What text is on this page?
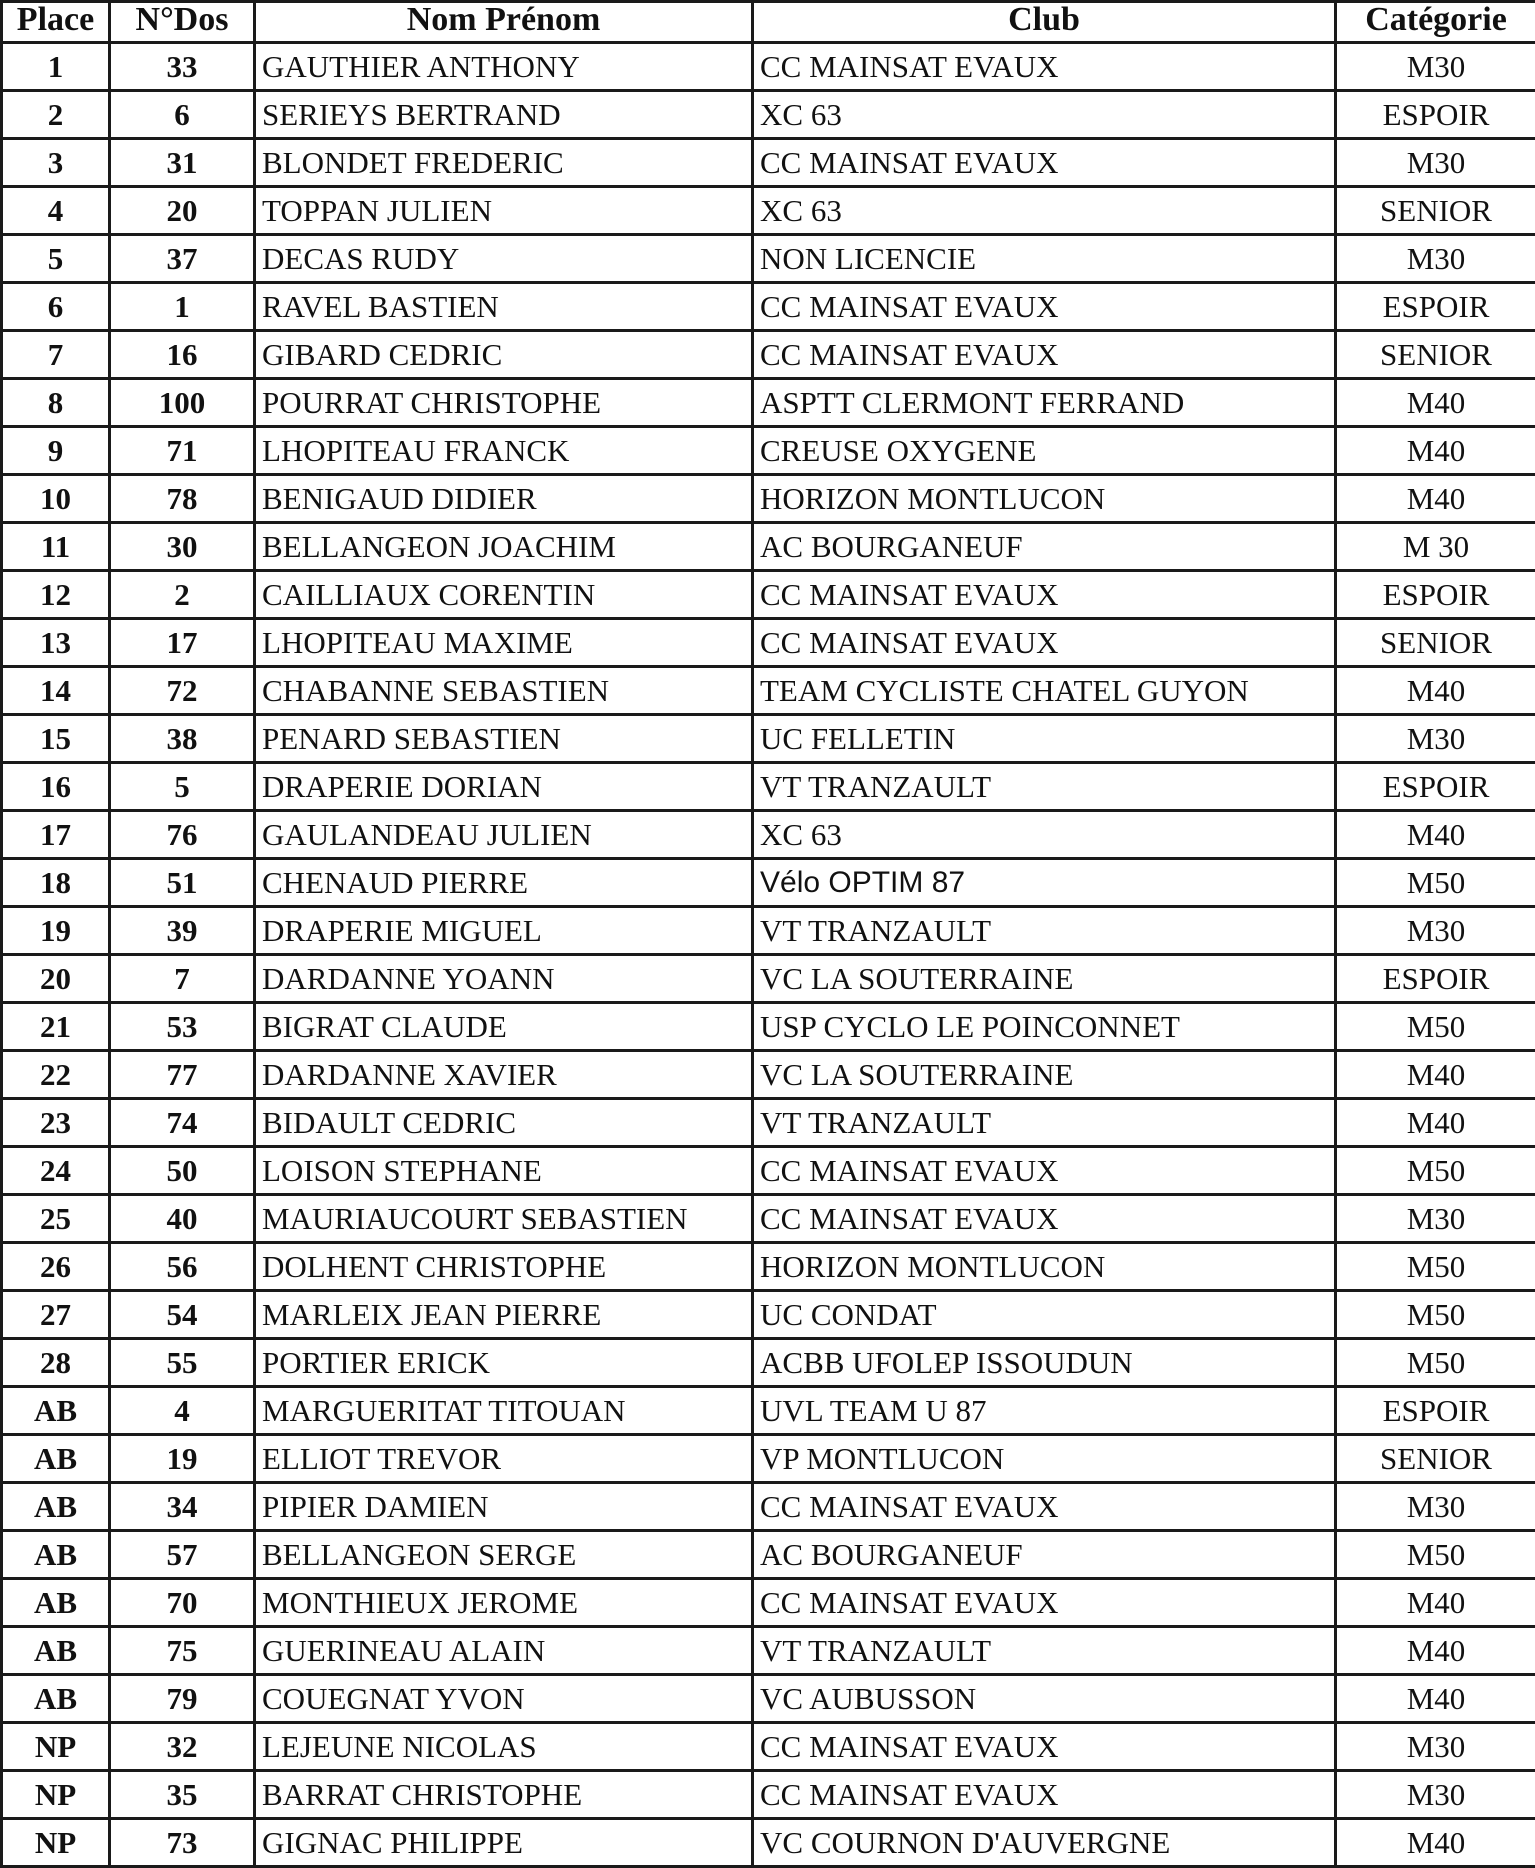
Place	N°Dos	Nom Prénom	Club	Catégorie
1	33	GAUTHIER ANTHONY	CC MAINSAT EVAUX	M30
2	6	SERIEYS BERTRAND	XC 63	ESPOIR
3	31	BLONDET FREDERIC	CC MAINSAT EVAUX	M30
4	20	TOPPAN JULIEN	XC 63	SENIOR
5	37	DECAS RUDY	NON LICENCIE	M30
6	1	RAVEL BASTIEN	CC MAINSAT EVAUX	ESPOIR
7	16	GIBARD CEDRIC	CC MAINSAT EVAUX	SENIOR
8	100	POURRAT CHRISTOPHE	ASPTT CLERMONT FERRAND	M40
9	71	LHOPITEAU FRANCK	CREUSE OXYGENE	M40
10	78	BENIGAUD DIDIER	HORIZON MONTLUCON	M40
11	30	BELLANGEON JOACHIM	AC BOURGANEUF	M 30
12	2	CAILLIAUX CORENTIN	CC MAINSAT EVAUX	ESPOIR
13	17	LHOPITEAU MAXIME	CC MAINSAT EVAUX	SENIOR
14	72	CHABANNE SEBASTIEN	TEAM CYCLISTE CHATEL GUYON	M40
15	38	PENARD SEBASTIEN	UC FELLETIN	M30
16	5	DRAPERIE DORIAN	VT TRANZAULT	ESPOIR
17	76	GAULANDEAU JULIEN	XC 63	M40
18	51	CHENAUD PIERRE	Vélo OPTIM 87	M50
19	39	DRAPERIE MIGUEL	VT TRANZAULT	M30
20	7	DARDANNE YOANN	VC LA SOUTERRAINE	ESPOIR
21	53	BIGRAT CLAUDE	USP CYCLO LE POINCONNET	M50
22	77	DARDANNE XAVIER	VC LA SOUTERRAINE	M40
23	74	BIDAULT CEDRIC	VT TRANZAULT	M40
24	50	LOISON STEPHANE	CC MAINSAT EVAUX	M50
25	40	MAURIAUCOURT SEBASTIEN	CC MAINSAT EVAUX	M30
26	56	DOLHENT CHRISTOPHE	HORIZON MONTLUCON	M50
27	54	MARLEIX JEAN PIERRE	UC CONDAT	M50
28	55	PORTIER ERICK	ACBB UFOLEP ISSOUDUN	M50
AB	4	MARGUERITAT TITOUAN	UVL TEAM U 87	ESPOIR
AB	19	ELLIOT TREVOR	VP MONTLUCON	SENIOR
AB	34	PIPIER DAMIEN	CC MAINSAT EVAUX	M30
AB	57	BELLANGEON SERGE	AC BOURGANEUF	M50
AB	70	MONTHIEUX JEROME	CC MAINSAT EVAUX	M40
AB	75	GUERINEAU ALAIN	VT TRANZAULT	M40
AB	79	COUEGNAT YVON	VC AUBUSSON	M40
NP	32	LEJEUNE NICOLAS	CC MAINSAT EVAUX	M30
NP	35	BARRAT CHRISTOPHE	CC MAINSAT EVAUX	M30
NP	73	GIGNAC PHILIPPE	VC COURNON D'AUVERGNE	M40
